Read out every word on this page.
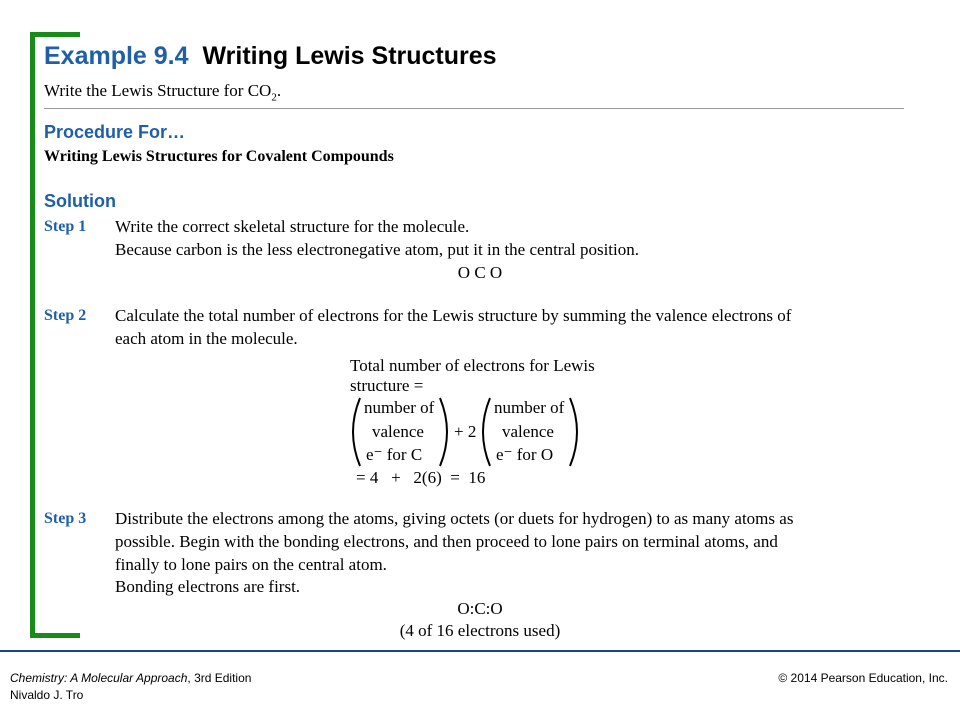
Example 9.4 Writing Lewis Structures
Write the Lewis Structure for $CO_2$.
Procedure For…
Writing Lewis Structures for Covalent Compounds
Solution
Step 1 Write the correct skeletal structure for the molecule.
Because carbon is the less electronegative atom, put it in the central position.
O C O
Step 2 Calculate the total number of electrons for the Lewis structure by summing the valence electrons of
each atom in the molecule.
Total number of electrons for Lewis
structure =
number of
valence
e⁻ for C
+ 2
number of
valence
e⁻ for O
= 4   +   2(6)  =  16
Step 3 Distribute the electrons among the atoms, giving octets (or duets for hydrogen) to as many atoms as
possible. Begin with the bonding electrons, and then proceed to lone pairs on terminal atoms, and
finally to lone pairs on the central atom.
Bonding electrons are first.
O:C:O
(4 of 16 electrons used)
Chemistry: A Molecular Approach, 3rd Edition
Nivaldo J. Tro
© 2014 Pearson Education, Inc.
